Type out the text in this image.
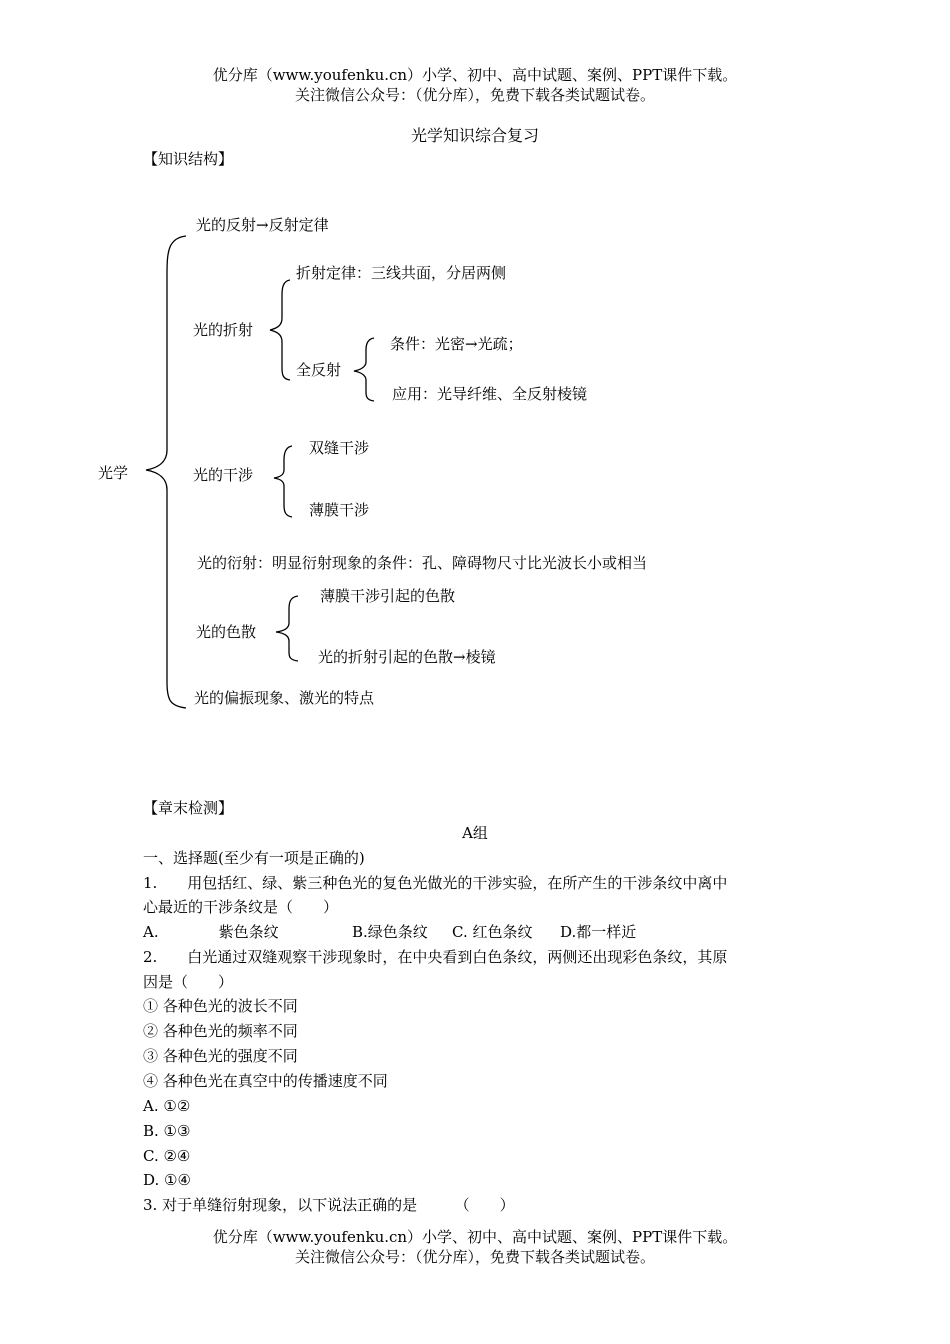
优分库（www.youfenku.cn）小学、初中、高中试题、案例、PPT课件下载。
关注微信公众号：（优分库），免费下载各类试题试卷。
光学知识综合复习
【知识结构】
光学
光的反射→反射定律
光的折射
折射定律：三线共面，分居两侧
全反射
条件：光密→光疏；
应用：光导纤维、全反射棱镜
光的干涉
双缝干涉
薄膜干涉
光的衍射：明显衍射现象的条件：孔、障碍物尺寸比光波长小或相当
光的色散
薄膜干涉引起的色散
光的折射引起的色散→棱镜
光的偏振现象、激光的特点
【章末检测】
A组
一、选择题(至少有一项是正确的)
1.　　用包括红、绿、紫三种色光的复色光做光的干涉实验，在所产生的干涉条纹中离中
心最近的干涉条纹是（　　）
A.　　　　紫色条纹	B.绿色条纹 C. 红色条纹 D.都一样近
2.　　白光通过双缝观察干涉现象时，在中央看到白色条纹，两侧还出现彩色条纹，其原
因是（　　）
① 各种色光的波长不同
② 各种色光的频率不同
③ 各种色光的强度不同
④ 各种色光在真空中的传播速度不同
A. ①②
B. ①③
C. ②④
D. ①④
3. 对于单缝衍射现象，以下说法正确的是　　　（　　）
优分库（www.youfenku.cn）小学、初中、高中试题、案例、PPT课件下载。
关注微信公众号：（优分库），免费下载各类试题试卷。
